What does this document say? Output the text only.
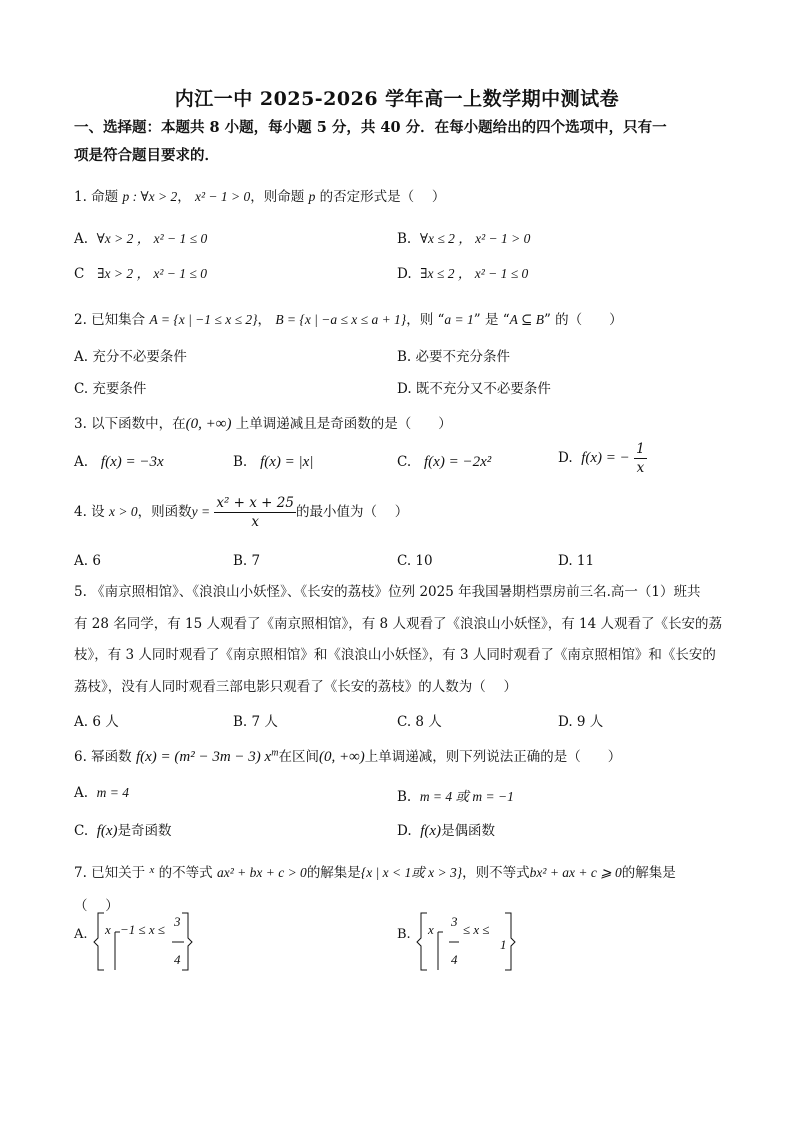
内江一中 2025-2026 学年高一上数学期中测试卷
一、选择题：本题共 8 小题，每小题 5 分，共 40 分．在每小题给出的四个选项中，只有一
项是符合题目要求的．
1. 命题 p : ∀x > 2， x² − 1 > 0，则命题 p 的否定形式是（　 ）
A. ∀x > 2 ， x² − 1 ≤ 0	B. ∀x ≤ 2 ， x² − 1 > 0
C ∃x > 2 ， x² − 1 ≤ 0	D. ∃x ≤ 2 ， x² − 1 ≤ 0
2. 已知集合 A = {x | −1 ≤ x ≤ 2}， B = {x | −a ≤ x ≤ a + 1}，则 “a = 1” 是 “A ⊆ B” 的（　　）
A. 充分不必要条件	B. 必要不充分条件
C. 充要条件	D. 既不充分又不必要条件
3. 以下函数中，在(0, +∞) 上单调递减且是奇函数的是（　　）
A. f(x) = −3x	B. f(x) = |x|	C. f(x) = −2x²	D. f(x) = − $\frac{1}{x}$
4. 设 x > 0，则函数$y = \frac{\text{x² + x + 25}}{x}$ 的最小值为（　 ）
A. 6	B. 7	C. 10	D. 11
5. 《南京照相馆》、《浪浪山小妖怪》、《长安的荔枝》位列 2025 年我国暑期档票房前三名.高一（1）班共
有 28 名同学，有 15 人观看了《南京照相馆》，有 8 人观看了《浪浪山小妖怪》，有 14 人观看了《长安的荔
枝》，有 3 人同时观看了《南京照相馆》和《浪浪山小妖怪》，有 3 人同时观看了《南京照相馆》和《长安的
荔枝》，没有人同时观看三部电影只观看了《长安的荔枝》的人数为（　 ）
A. 6 人	B. 7 人	C. 8 人	D. 9 人
6. 幂函数 f(x) = (m² − 3m − 3) $x^m$在区间(0, +∞)上单调递减，则下列说法正确的是（　　）
A. m = 4	B. m = 4 或 m = −1
C. f(x)是奇函数	D. f(x)是偶函数
7. 已知关于 $^x$ 的不等式 ax² + bx + c > 0的解集是{x | x < 1或 x > 3}，则不等式bx² + ax + c ⩾ 0的解集是
（　 ）
A. x −1 ≤ x ≤
3
4
B. x
3
4
≤ x ≤
1
